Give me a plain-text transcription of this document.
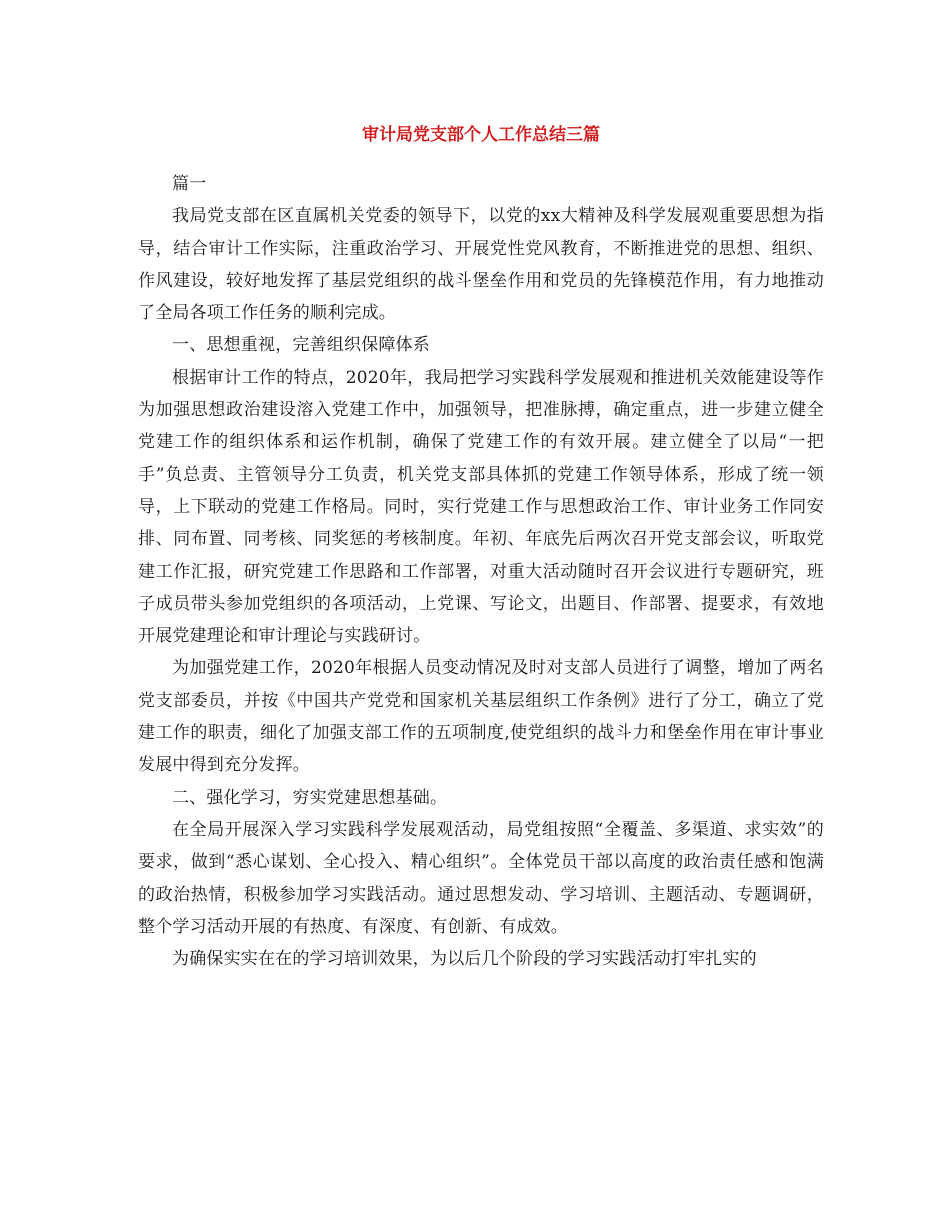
审计局党支部个人工作总结三篇

篇一

我局党支部在区直属机关党委的领导下，以党的xx大精神及科学发展观重要思想为指导，结合审计工作实际，注重政治学习、开展党性党风教育，不断推进党的思想、组织、作风建设，较好地发挥了基层党组织的战斗堡垒作用和党员的先锋模范作用，有力地推动了全局各项工作任务的顺利完成。

一、思想重视，完善组织保障体系

根据审计工作的特点，2020年，我局把学习实践科学发展观和推进机关效能建设等作为加强思想政治建设溶入党建工作中，加强领导，把准脉搏，确定重点，进一步建立健全党建工作的组织体系和运作机制，确保了党建工作的有效开展。建立健全了以局“一把手”负总责、主管领导分工负责，机关党支部具体抓的党建工作领导体系，形成了统一领导，上下联动的党建工作格局。同时，实行党建工作与思想政治工作、审计业务工作同安排、同布置、同考核、同奖惩的考核制度。年初、年底先后两次召开党支部会议，听取党建工作汇报，研究党建工作思路和工作部署，对重大活动随时召开会议进行专题研究，班子成员带头参加党组织的各项活动，上党课、写论文，出题目、作部署、提要求，有效地开展党建理论和审计理论与实践研讨。

为加强党建工作，2020年根据人员变动情况及时对支部人员进行了调整，增加了两名党支部委员，并按《中国共产党党和国家机关基层组织工作条例》进行了分工，确立了党建工作的职责，细化了加强支部工作的五项制度,使党组织的战斗力和堡垒作用在审计事业发展中得到充分发挥。

二、强化学习，穷实党建思想基础。

在全局开展深入学习实践科学发展观活动，局党组按照“全覆盖、多渠道、求实效”的要求，做到“悉心谋划、全心投入、精心组织”。全体党员干部以高度的政治责任感和饱满的政治热情，积极参加学习实践活动。通过思想发动、学习培训、主题活动、专题调研，整个学习活动开展的有热度、有深度、有创新、有成效。

为确保实实在在的学习培训效果，为以后几个阶段的学习实践活动打牢扎实的
